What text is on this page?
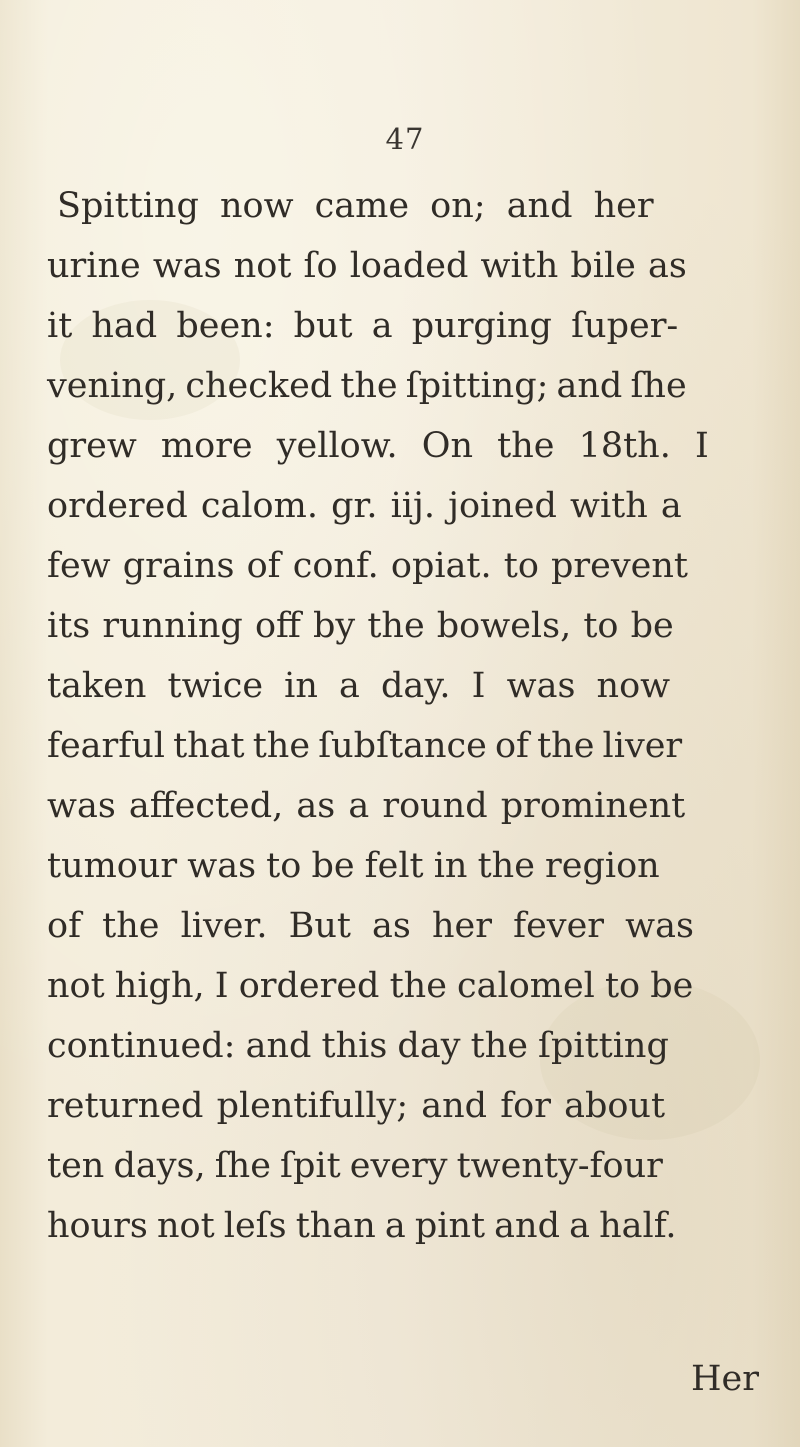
47
Spitting now came on; and her
urine was not ſo loaded with bile as
it had been: but a purging ſuper-
vening, checked the ſpitting; and ſhe
grew more yellow. On the 18th. I
ordered calom. gr. iij. joined with a
few grains of conf. opiat. to prevent
its running off by the bowels, to be
taken twice in a day. I was now
fearful that the ſubſtance of the liver
was affected, as a round prominent
tumour was to be felt in the region
of the liver. But as her fever was
not high, I ordered the calomel to be
continued: and this day the ſpitting
returned plentifully; and for about
ten days, ſhe ſpit every twenty-four
hours not leſs than a pint and a half.
Her
